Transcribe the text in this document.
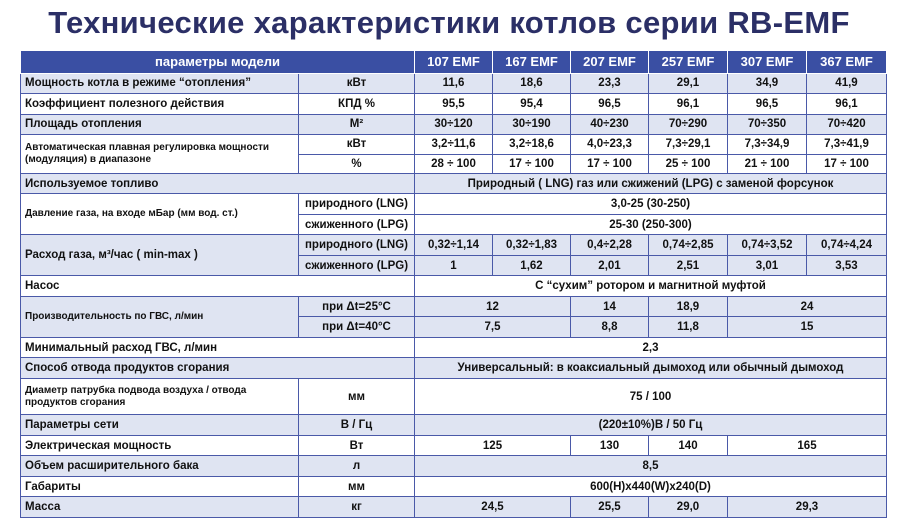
Технические характеристики котлов серии RB-EMF
параметры модели		107 EMF	167 EMF	207 EMF	257 EMF	307 EMF	367 EMF
Мощность котла в режиме “отопления”	кВт	11,6	18,6	23,3	29,1	34,9	41,9
Коэффициент полезного действия	КПД %	95,5	95,4	96,5	96,1	96,5	96,1
Площадь отопления	М²	30÷120	30÷190	40÷230	70÷290	70÷350	70÷420
Автоматическая плавная регулировка мощности (модуляция) в диапазоне	кВт	3,2÷11,6	3,2÷18,6	4,0÷23,3	7,3÷29,1	7,3÷34,9	7,3÷41,9
	%	28 ÷ 100	17 ÷ 100	17 ÷ 100	25 ÷ 100	21 ÷ 100	17 ÷ 100
Используемое топливо		Природный ( LNG) газ или сжижений (LPG) с заменой форсунок					
Давление газа, на входе мБар (мм вод. ст.)	природного (LNG)	3,0-25 (30-250)					
	сжиженного (LPG)	25-30 (250-300)					
Расход газа, м³/час ( min-max )	природного (LNG)	0,32÷1,14	0,32÷1,83	0,4÷2,28	0,74÷2,85	0,74÷3,52	0,74÷4,24
	сжиженного (LPG)	1	1,62	2,01	2,51	3,01	3,53
Насос		С “сухим” ротором и магнитной муфтой					
Производительность по ГВС, л/мин	при Δt=25°C	12		14	18,9	24	
	при Δt=40°C	7,5		8,8	11,8	15	
Минимальный расход ГВС, л/мин		2,3					
Способ отвода продуктов сгорания		Универсальный: в коаксиальный дымоход или обычный дымоход					
Диаметр патрубка подвода воздуха / отвода продуктов сгорания	мм	75 / 100					
Параметры сети	В / Гц	(220±10%)В / 50 Гц					
Электрическая мощность	Вт	125		130	140	165	
Объем расширительного бака	л	8,5					
Габариты	мм	600(Н)х440(W)х240(D)					
Масса	кг	24,5		25,5	29,0	29,3	
